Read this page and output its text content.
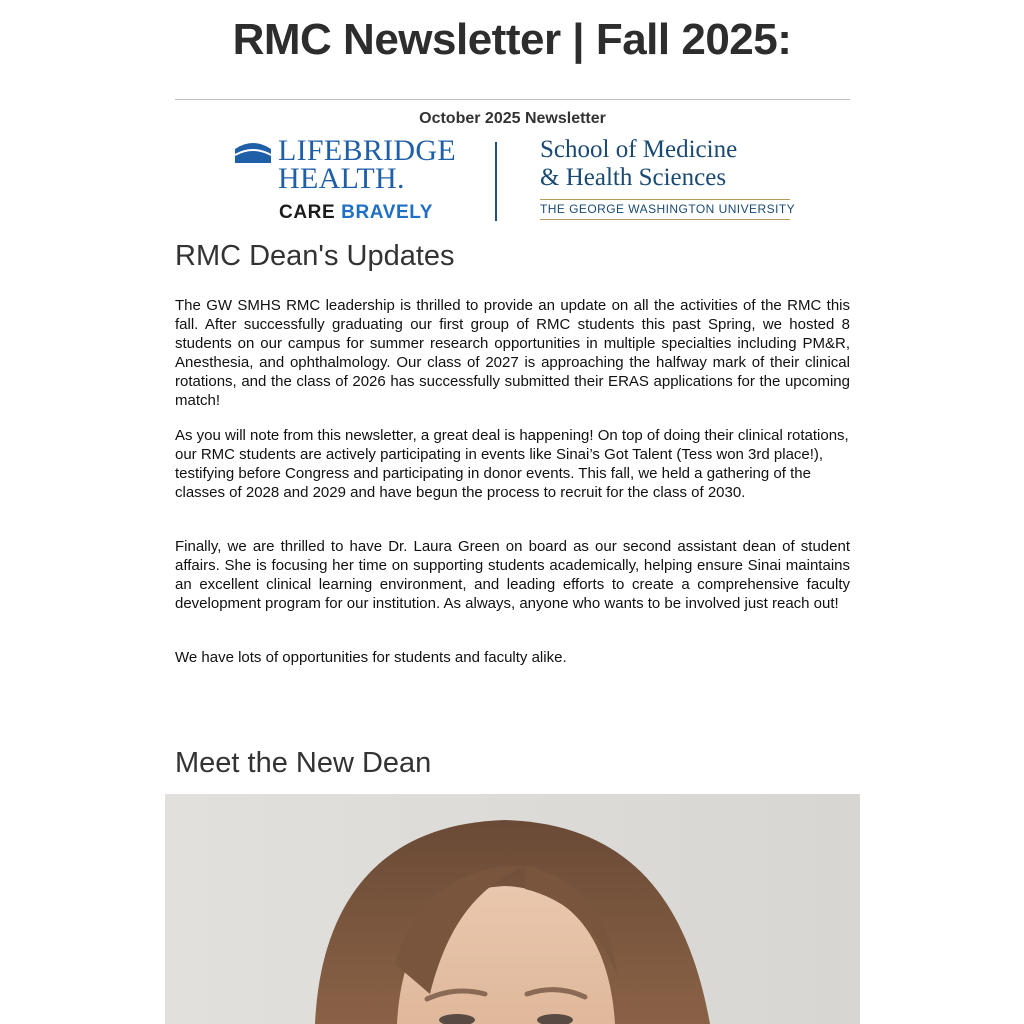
RMC Newsletter | Fall 2025:
October 2025 Newsletter
LIFEBRIDGE
HEALTH.
CARE BRAVELY
School of Medicine
& Health Sciences
THE GEORGE WASHINGTON UNIVERSITY
RMC Dean's Updates

The GW SMHS RMC leadership is thrilled to provide an update on all the activities of the RMC this fall. After successfully graduating our first group of RMC students this past Spring, we hosted 8 students on our campus for summer research opportunities in multiple specialties including PM&R, Anesthesia, and ophthalmology. Our class of 2027 is approaching the halfway mark of their clinical rotations, and the class of 2026 has successfully submitted their ERAS applications for the upcoming match!

As you will note from this newsletter, a great deal is happening! On top of doing their clinical rotations,
our RMC students are actively participating in events like Sinai’s Got Talent (Tess won 3rd place!), testifying before Congress and participating in donor events. This fall, we held a gathering of the classes of 2028 and 2029 and have begun the process to recruit for the class of 2030.

Finally, we are thrilled to have Dr. Laura Green on board as our second assistant dean of student affairs. She is focusing her time on supporting students academically, helping ensure Sinai maintains an excellent clinical learning environment, and leading efforts to create a comprehensive faculty development program for our institution. As always, anyone who wants to be involved just reach out!

We have lots of opportunities for students and faculty alike.

Meet the New Dean
